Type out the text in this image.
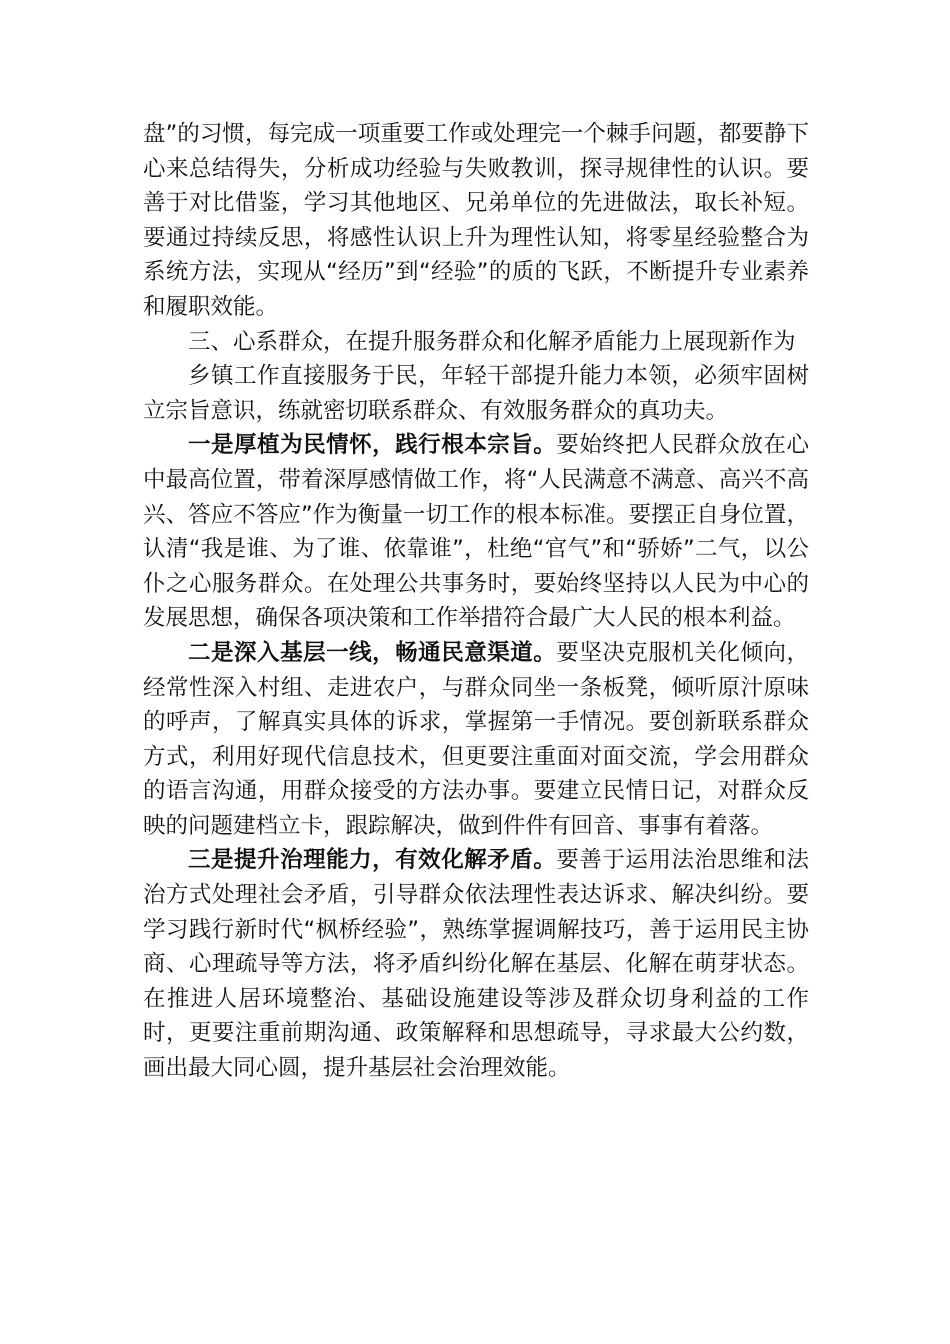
盘”的习惯，每完成一项重要工作或处理完一个棘手问题，都要静下心来总结得失，分析成功经验与失败教训，探寻规律性的认识。要善于对比借鉴，学习其他地区、兄弟单位的先进做法，取长补短。要通过持续反思，将感性认识上升为理性认知，将零星经验整合为系统方法，实现从“经历”到“经验”的质的飞跃，不断提升专业素养和履职效能。

三、心系群众，在提升服务群众和化解矛盾能力上展现新作为

乡镇工作直接服务于民，年轻干部提升能力本领，必须牢固树立宗旨意识，练就密切联系群众、有效服务群众的真功夫。

一是厚植为民情怀，践行根本宗旨。要始终把人民群众放在心中最高位置，带着深厚感情做工作，将“人民满意不满意、高兴不高兴、答应不答应”作为衡量一切工作的根本标准。要摆正自身位置，认清“我是谁、为了谁、依靠谁”，杜绝“官气”和“骄娇”二气，以公仆之心服务群众。在处理公共事务时，要始终坚持以人民为中心的发展思想，确保各项决策和工作举措符合最广大人民的根本利益。

二是深入基层一线，畅通民意渠道。要坚决克服机关化倾向，经常性深入村组、走进农户，与群众同坐一条板凳，倾听原汁原味的呼声，了解真实具体的诉求，掌握第一手情况。要创新联系群众方式，利用好现代信息技术，但更要注重面对面交流，学会用群众的语言沟通，用群众接受的方法办事。要建立民情日记，对群众反映的问题建档立卡，跟踪解决，做到件件有回音、事事有着落。

三是提升治理能力，有效化解矛盾。要善于运用法治思维和法治方式处理社会矛盾，引导群众依法理性表达诉求、解决纠纷。要学习践行新时代“枫桥经验”，熟练掌握调解技巧，善于运用民主协商、心理疏导等方法，将矛盾纠纷化解在基层、化解在萌芽状态。在推进人居环境整治、基础设施建设等涉及群众切身利益的工作时，更要注重前期沟通、政策解释和思想疏导，寻求最大公约数，画出最大同心圆，提升基层社会治理效能。
